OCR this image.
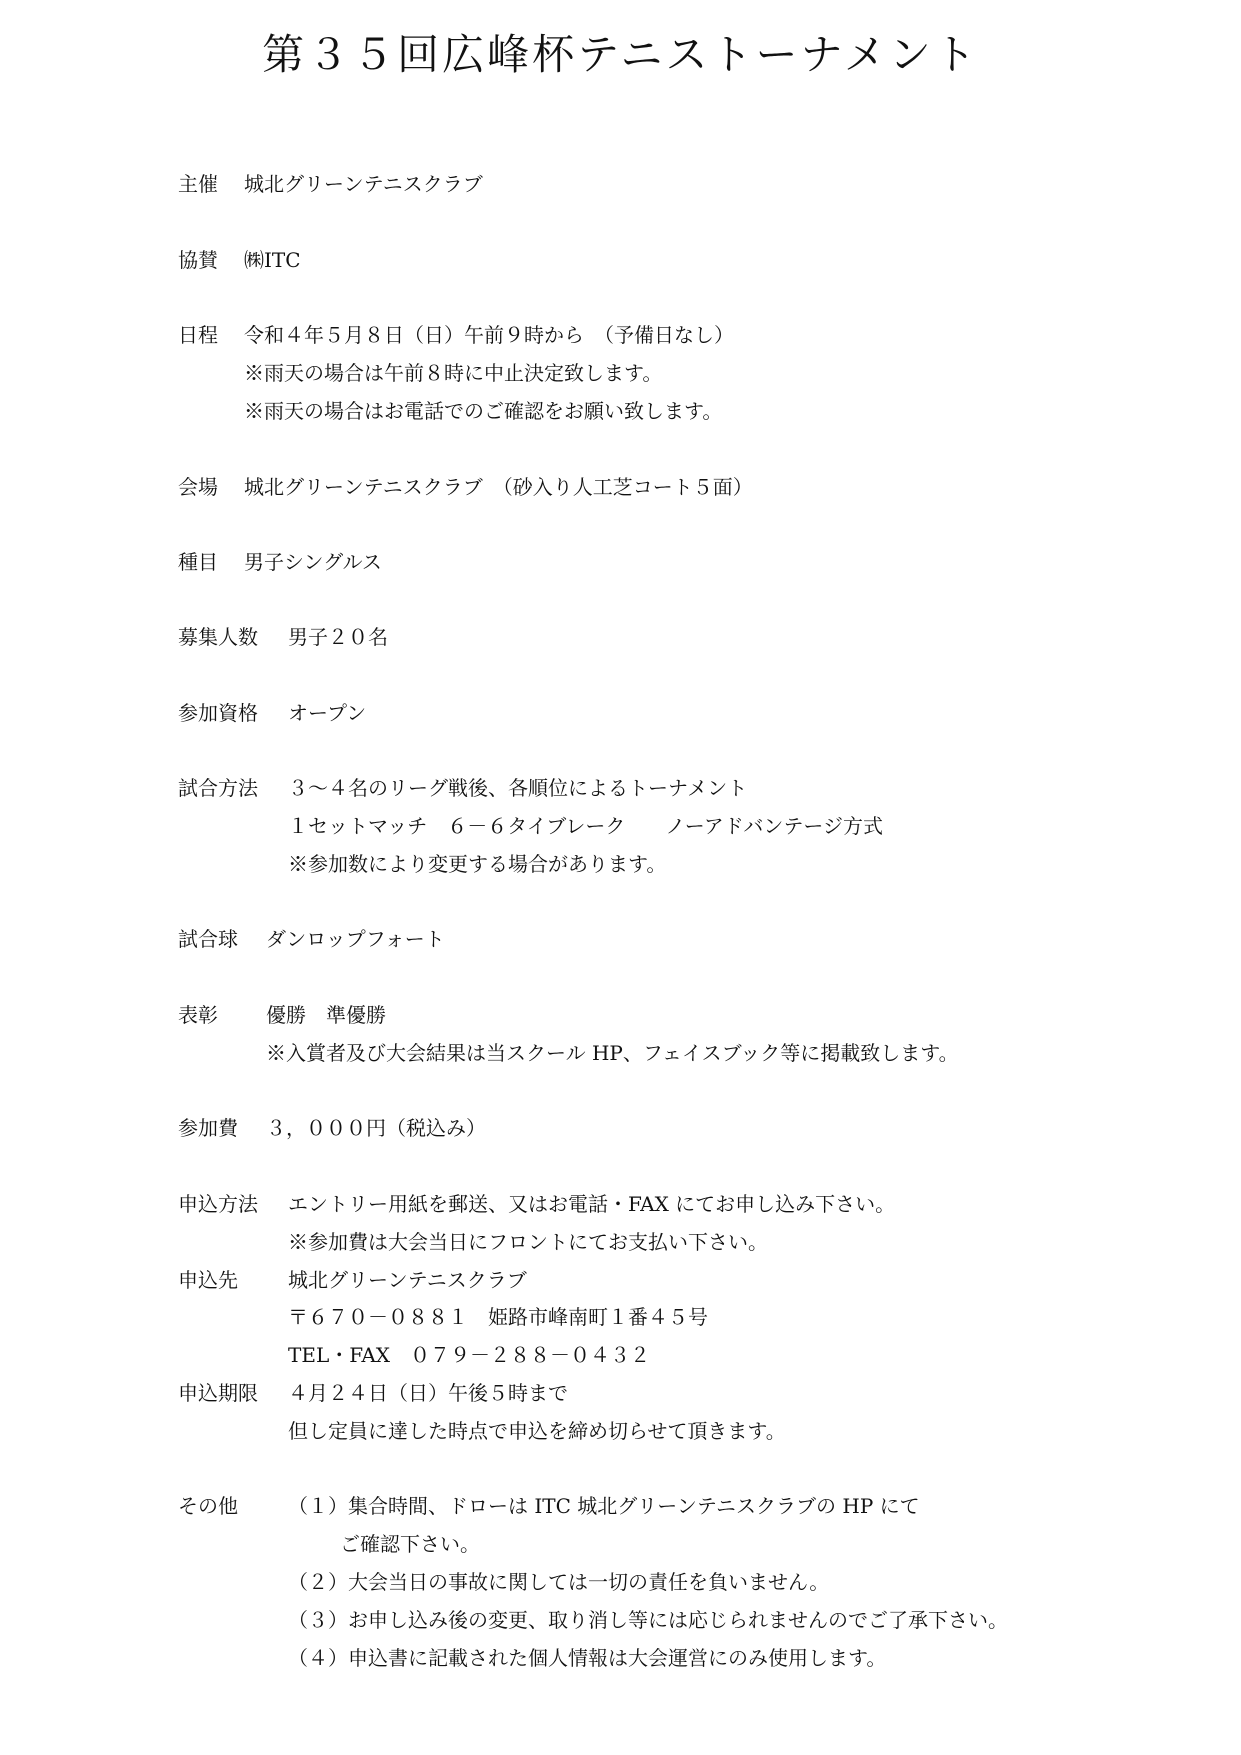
第３５回広峰杯テニストーナメント
主催 城北グリーンテニスクラブ
協賛 ㈱ITC
日程 令和４年５月８日（日）午前９時から　（予備日なし）
※雨天の場合は午前８時に中止決定致します。
※雨天の場合はお電話でのご確認をお願い致します。
会場 城北グリーンテニスクラブ　（砂入り人工芝コート５面）
種目 男子シングルス
募集人数 男子２０名
参加資格 オープン
試合方法 ３～４名のリーグ戦後、各順位によるトーナメント
１セットマッチ　６－６タイブレーク　　ノーアドバンテージ方式
※参加数により変更する場合があります。
試合球 ダンロップフォート
表彰 優勝　準優勝
※入賞者及び大会結果は当スクール HP、フェイスブック等に掲載致します。
参加費 ３，０００円（税込み）
申込方法 エントリー用紙を郵送、又はお電話・FAX にてお申し込み下さい。
※参加費は大会当日にフロントにてお支払い下さい。
申込先	城北グリーンテニスクラブ
〒６７０－０８８１　姫路市峰南町１番４５号
TEL・FAX　０７９－２８８－０４３２
申込期限 ４月２４日（日）午後５時まで
但し定員に達した時点で申込を締め切らせて頂きます。
その他	（１）集合時間、ドローは ITC 城北グリーンテニスクラブの HP にて
ご確認下さい。
（２）大会当日の事故に関しては一切の責任を負いません。
（３）お申し込み後の変更、取り消し等には応じられませんのでご了承下さい。
（４）申込書に記載された個人情報は大会運営にのみ使用します。
